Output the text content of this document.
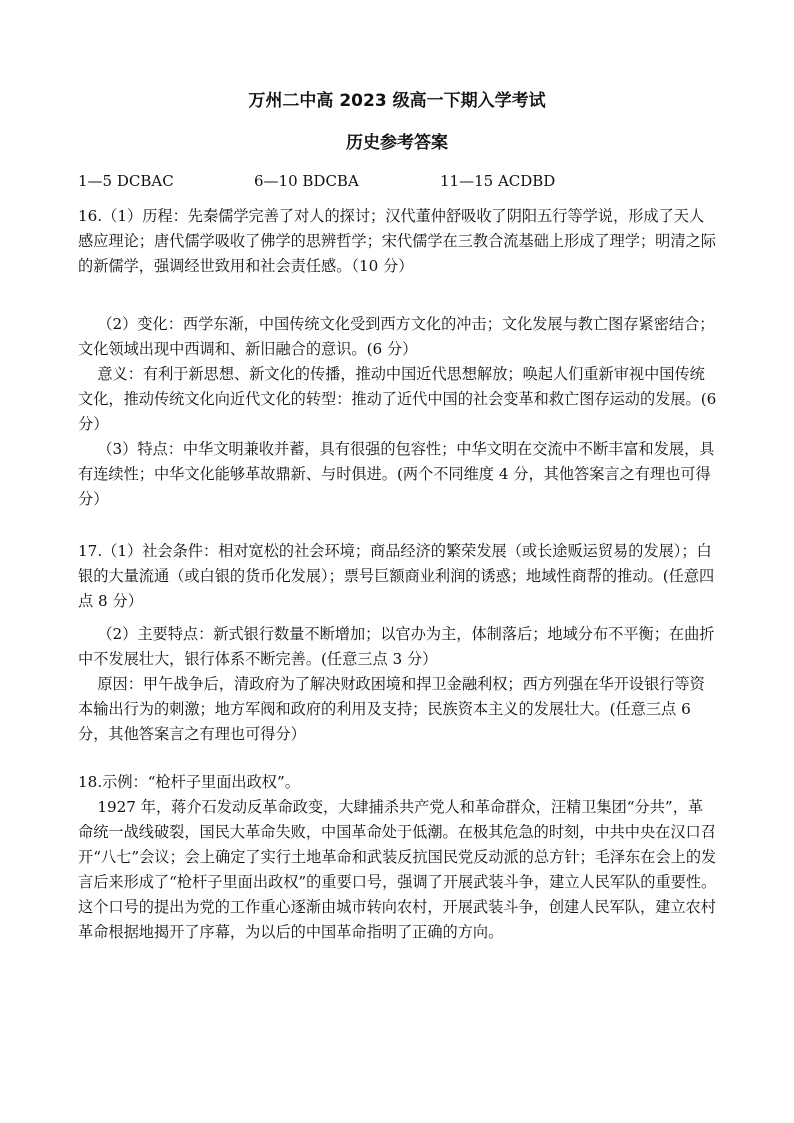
万州二中高 2023 级高一下期入学考试
历史参考答案
1—5 DCBAC	6—10 BDCBA	11—15 ACDBD

16.（1）历程：先秦儒学完善了对人的探讨；汉代董仲舒吸收了阴阳五行等学说，形成了天人感应理论；唐代儒学吸收了佛学的思辨哲学；宋代儒学在三教合流基础上形成了理学；明清之际的新儒学，强调经世致用和社会责任感。（10 分）

（2）变化：西学东渐，中国传统文化受到西方文化的冲击；文化发展与教亡图存紧密结合；文化领域出现中西调和、新旧融合的意识。(6 分）
意义：有利于新思想、新文化的传播，推动中国近代思想解放；唤起人们重新审视中国传统文化，推动传统文化向近代文化的转型：推动了近代中国的社会变革和救亡图存运动的发展。(6 分）

（3）特点：中华文明兼收并蓄，具有很强的包容性；中华文明在交流中不断丰富和发展，具有连续性；中华文化能够革故鼎新、与时俱进。(两个不同维度 4 分，其他答案言之有理也可得分）

17.（1）社会条件：相对宽松的社会环境；商品经济的繁荣发展（或长途贩运贸易的发展）；白银的大量流通（或白银的货币化发展）；票号巨额商业利润的诱惑；地域性商帮的推动。(任意四点 8 分）

（2）主要特点：新式银行数量不断增加；以官办为主，体制落后；地域分布不平衡；在曲折中不发展壮大，银行体系不断完善。(任意三点 3 分）
原因：甲午战争后，清政府为了解决财政困境和捍卫金融利权；西方列强在华开设银行等资本输出行为的刺激；地方军阀和政府的利用及支持；民族资本主义的发展壮大。(任意三点 6 分，其他答案言之有理也可得分）

18.示例：“枪杆子里面出政权”。
1927 年，蒋介石发动反革命政变，大肆捕杀共产党人和革命群众，汪精卫集团“分共”，革命统一战线破裂，国民大革命失败，中国革命处于低潮。在极其危急的时刻，中共中央在汉口召开“八七”会议；会上确定了实行土地革命和武装反抗国民党反动派的总方针；毛泽东在会上的发言后来形成了“枪杆子里面出政权”的重要口号，强调了开展武装斗争，建立人民军队的重要性。这个口号的提出为党的工作重心逐渐由城市转向农村，开展武装斗争，创建人民军队，建立农村革命根据地揭开了序幕，为以后的中国革命指明了正确的方向。
